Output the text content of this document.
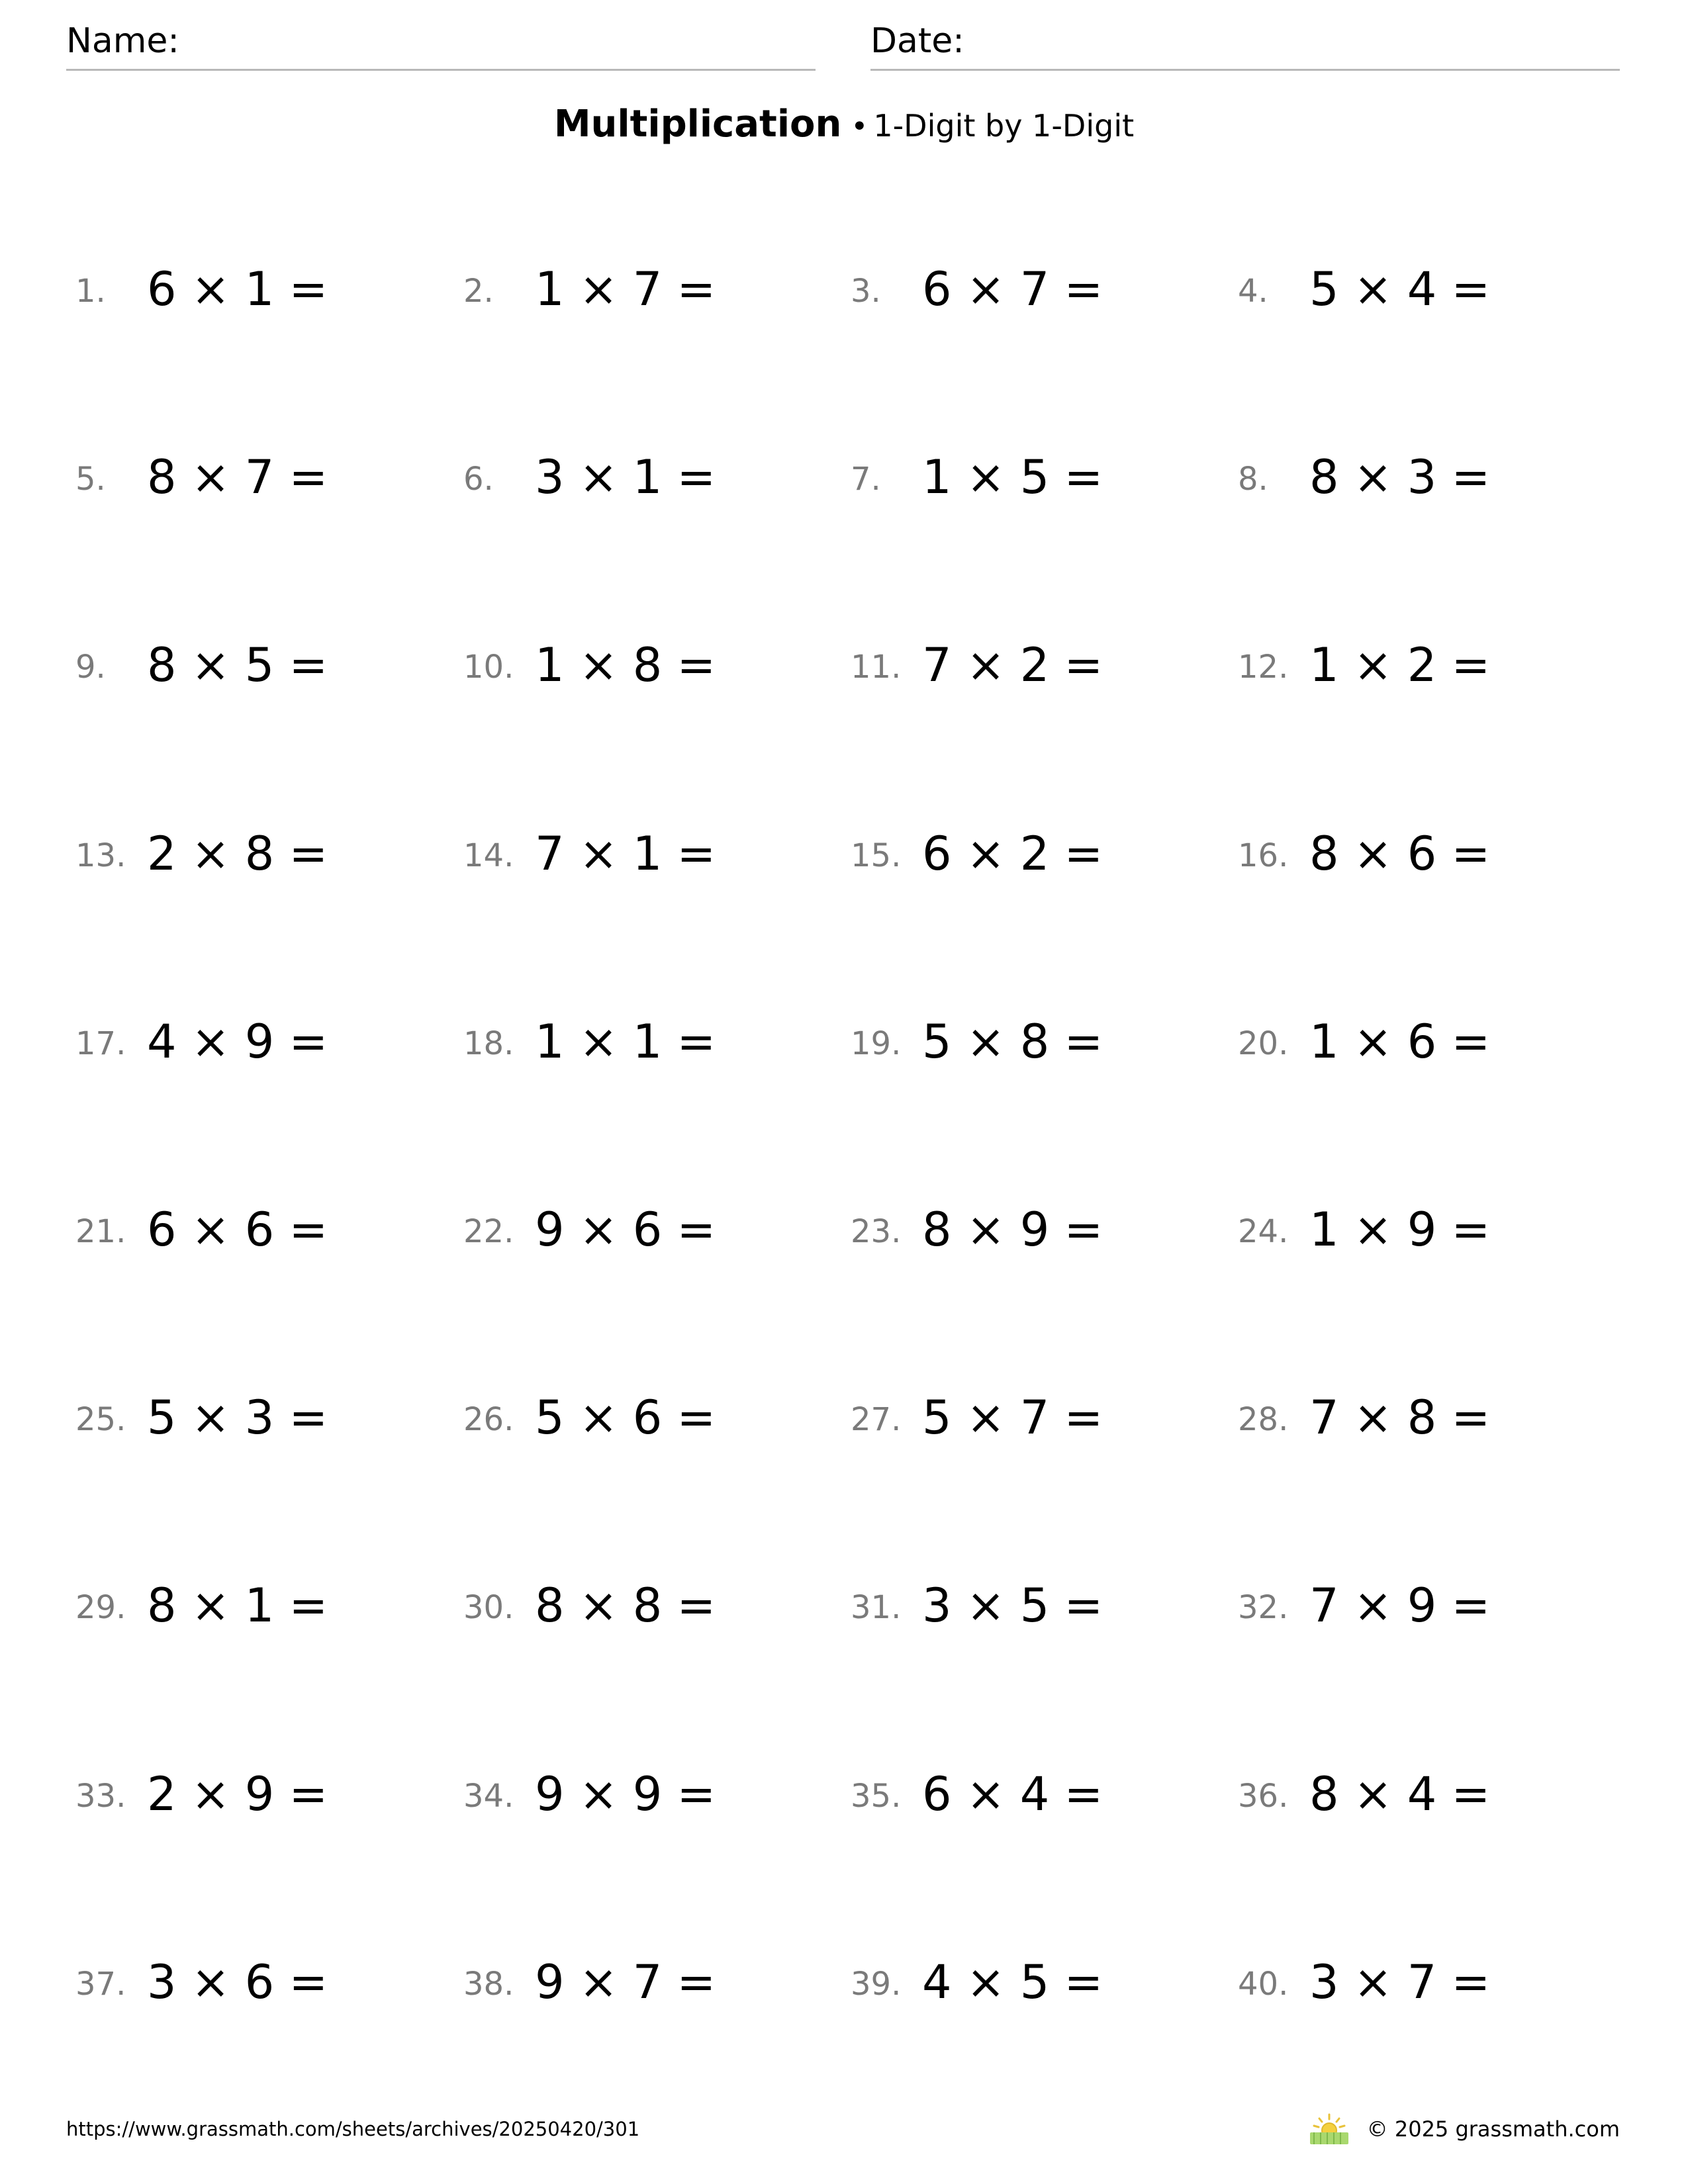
Name:	Date:
Multiplication • 1-Digit by 1-Digit
1. 6 × 1 =	2. 1 × 7 =	3. 6 × 7 =	4. 5 × 4 =
5. 8 × 7 =	6. 3 × 1 =	7. 1 × 5 =	8. 8 × 3 =
9. 8 × 5 =	10. 1 × 8 =	11. 7 × 2 =	12. 1 × 2 =
13. 2 × 8 =	14. 7 × 1 =	15. 6 × 2 =	16. 8 × 6 =
17. 4 × 9 =	18. 1 × 1 =	19. 5 × 8 =	20. 1 × 6 =
21. 6 × 6 =	22. 9 × 6 =	23. 8 × 9 =	24. 1 × 9 =
25. 5 × 3 =	26. 5 × 6 =	27. 5 × 7 =	28. 7 × 8 =
29. 8 × 1 =	30. 8 × 8 =	31. 3 × 5 =	32. 7 × 9 =
33. 2 × 9 =	34. 9 × 9 =	35. 6 × 4 =	36. 8 × 4 =
37. 3 × 6 =	38. 9 × 7 =	39. 4 × 5 =	40. 3 × 7 =
https://www.grassmath.com/sheets/archives/20250420/301	© 2025 grassmath.com
